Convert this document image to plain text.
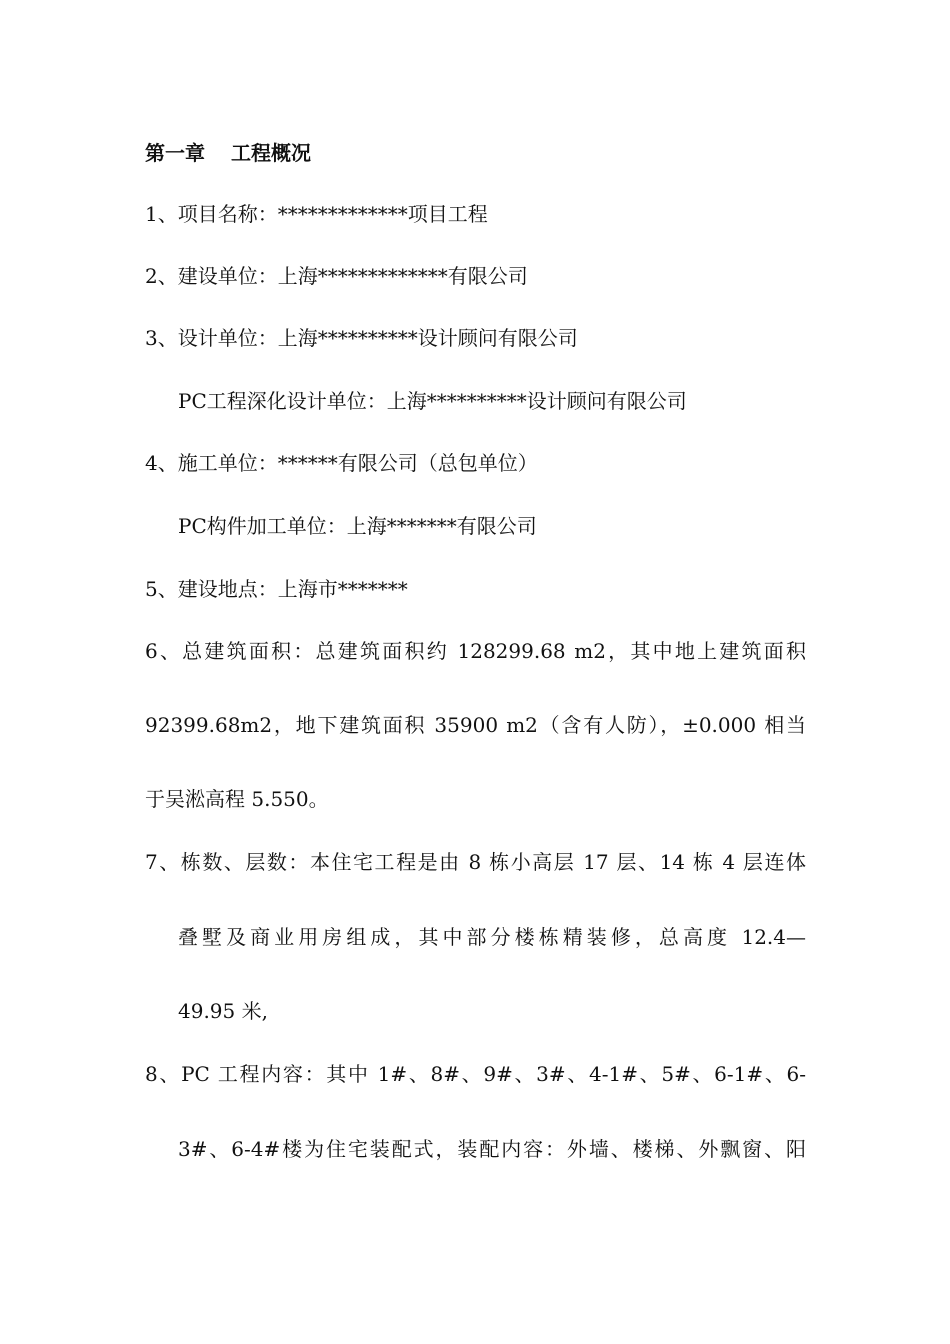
第一章 工程概况
1、项目名称：*************项目工程
2、建设单位：上海*************有限公司
3、设计单位：上海**********设计顾问有限公司
PC工程深化设计单位：上海**********设计顾问有限公司
4、施工单位：******有限公司（总包单位）
PC构件加工单位：上海*******有限公司
5、建设地点：上海市*******
6、总建筑面积：总建筑面积约 128299.68 m2，其中地上建筑面积
92399.68m2，地下建筑面积 35900 m2（含有人防），±0.000 相当
于吴淞高程 5.550。
7、栋数、层数：本住宅工程是由 8 栋小高层 17 层、14 栋 4 层连体
叠墅及商业用房组成，其中部分楼栋精装修，总高度 12.4—
49.95 米,
8、PC 工程内容：其中 1#、8#、9#、3#、4-1#、5#、6-1#、6-
3#、6-4#楼为住宅装配式，装配内容：外墙、楼梯、外飘窗、阳
